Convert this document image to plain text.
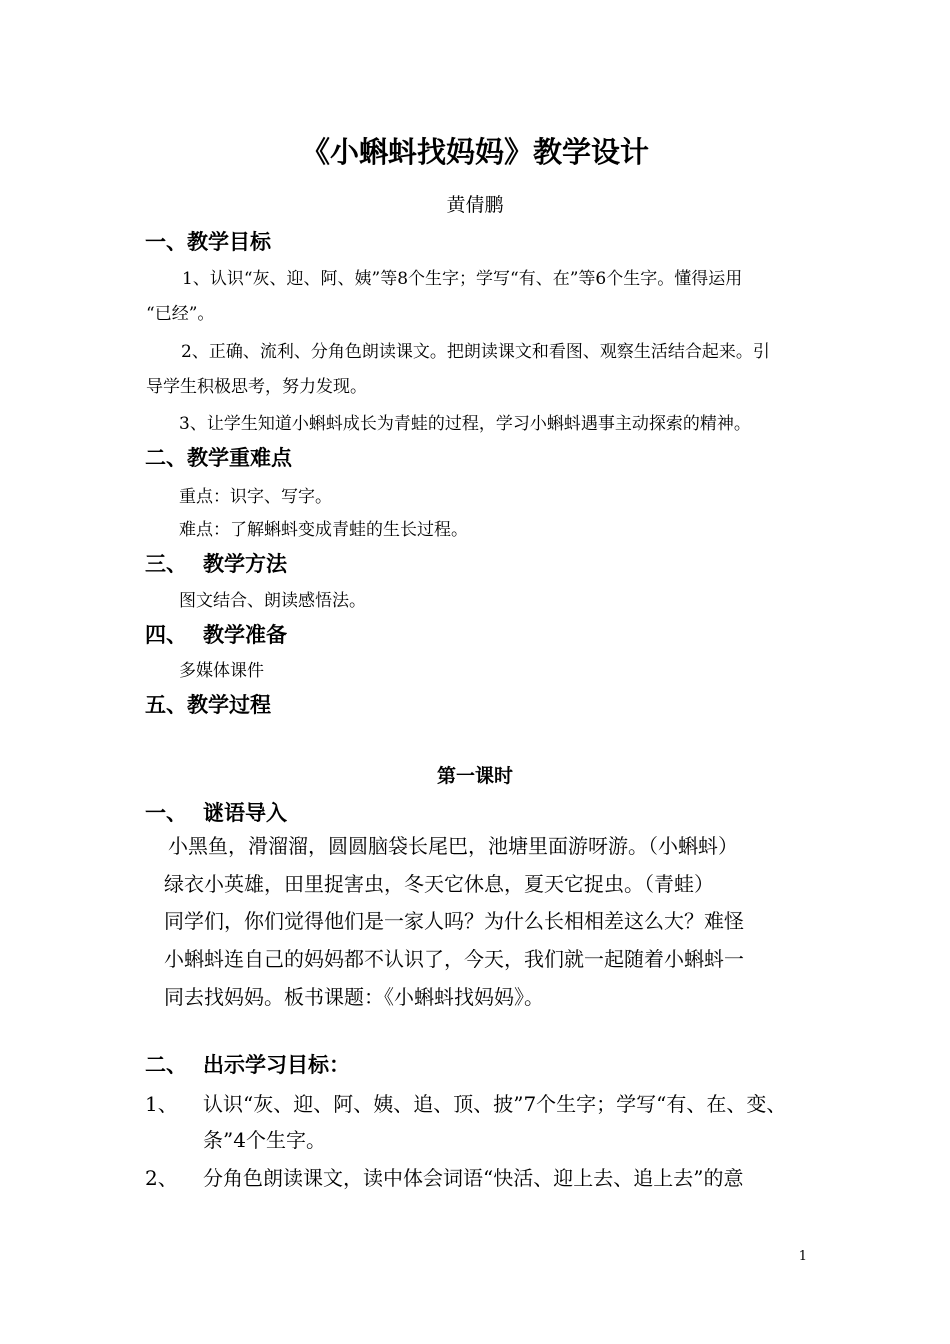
《小蝌蚪找妈妈》教学设计
黄倩鹏
一、教学目标
1、认识“灰、迎、阿、姨”等8个生字；学写“有、在”等6个生字。懂得运用
“已经”。
2、正确、流利、分角色朗读课文。把朗读课文和看图、观察生活结合起来。引
导学生积极思考，努力发现。
3、让学生知道小蝌蚪成长为青蛙的过程，学习小蝌蚪遇事主动探索的精神。
二、教学重难点
重点：识字、写字。
难点：了解蝌蚪变成青蛙的生长过程。
三、 教学方法
图文结合、朗读感悟法。
四、 教学准备
多媒体课件
五、教学过程
第一课时
一、 谜语导入
小黑鱼，滑溜溜，圆圆脑袋长尾巴，池塘里面游呀游。（小蝌蚪）
绿衣小英雄，田里捉害虫，冬天它休息，夏天它捉虫。（青蛙）
同学们，你们觉得他们是一家人吗？为什么长相相差这么大？难怪
小蝌蚪连自己的妈妈都不认识了，今天，我们就一起随着小蝌蚪一
同去找妈妈。板书课题：《小蝌蚪找妈妈》。
二、 出示学习目标：
1、 认识“灰、迎、阿、姨、追、顶、披”7个生字；学写“有、在、变、
条”4个生字。
2、 分角色朗读课文，读中体会词语“快活、迎上去、追上去”的意
1
